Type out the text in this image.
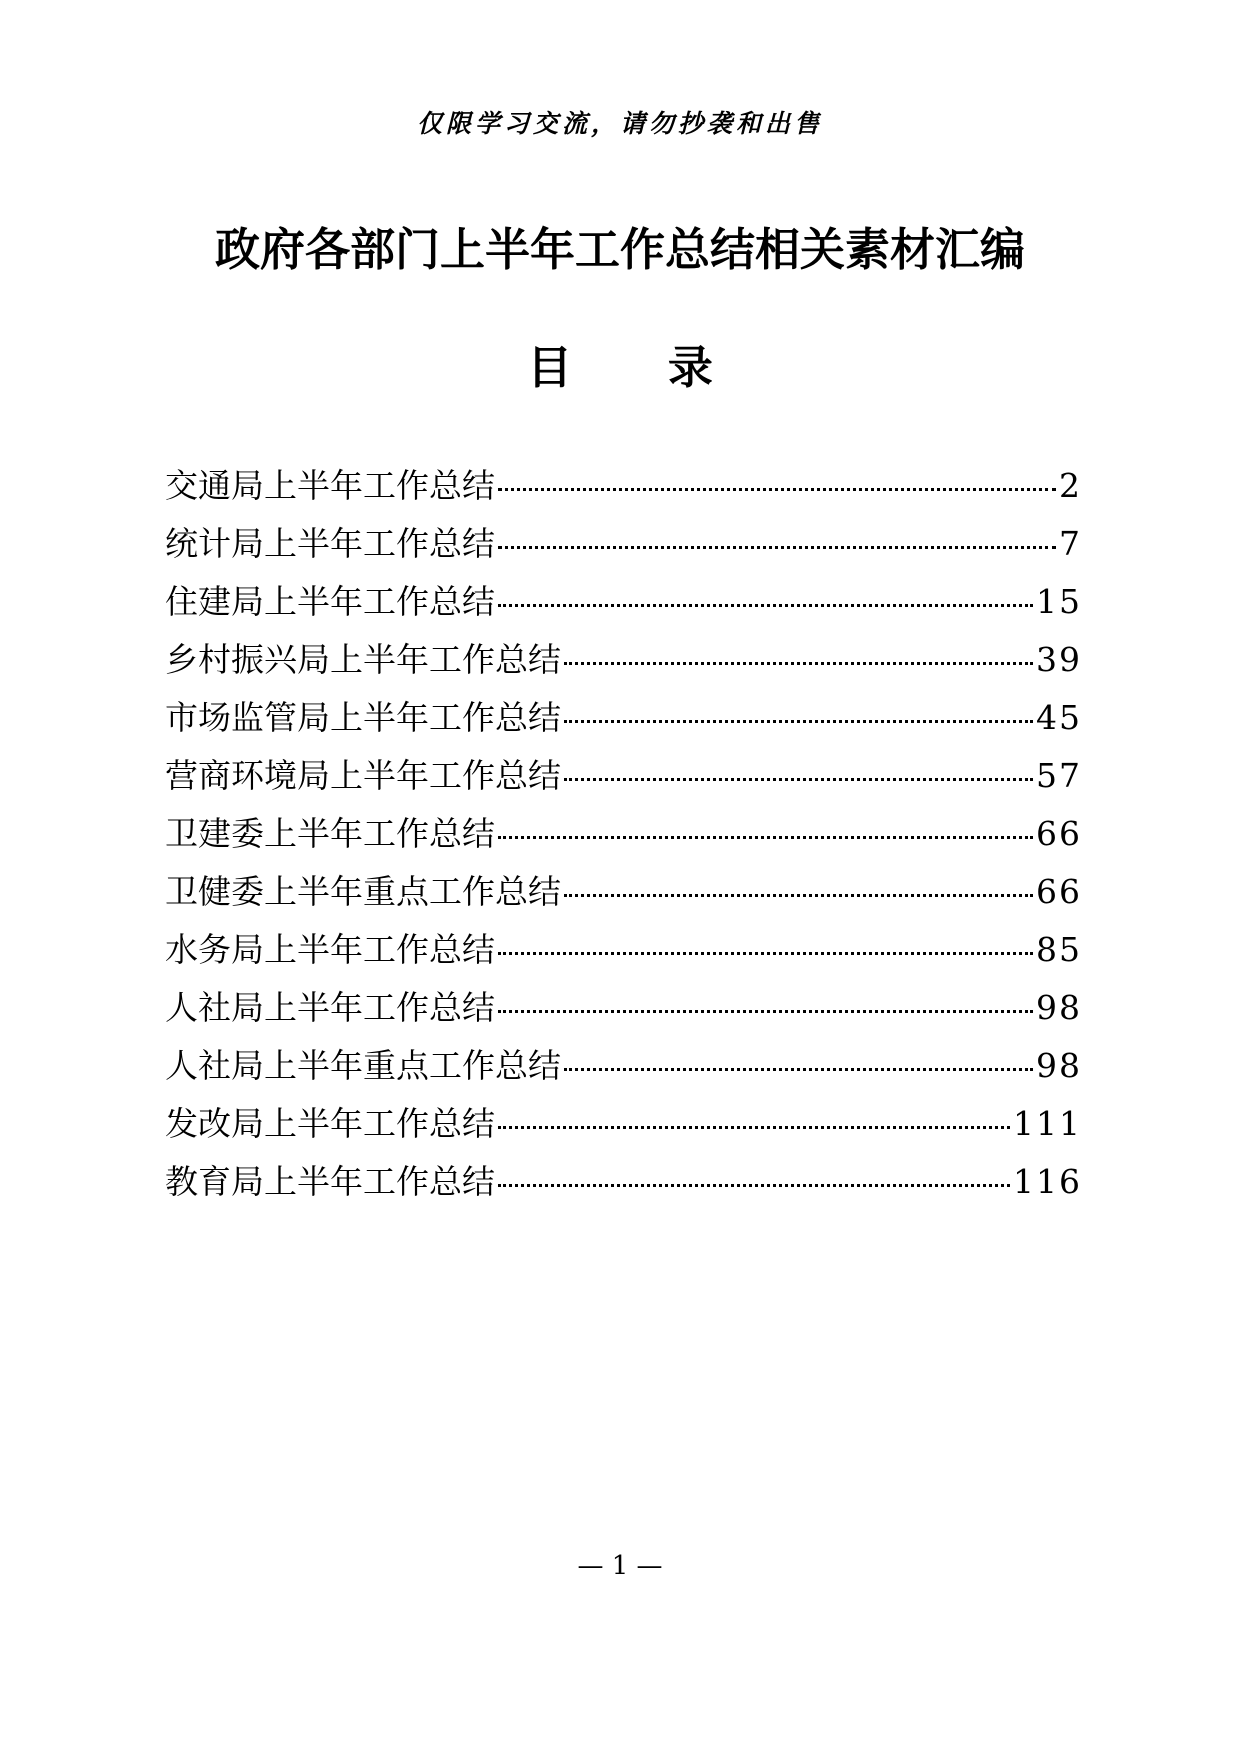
仅限学习交流，请勿抄袭和出售
政府各部门上半年工作总结相关素材汇编
目 录
交通局上半年工作总结	2
统计局上半年工作总结	7
住建局上半年工作总结	15
乡村振兴局上半年工作总结	39
市场监管局上半年工作总结	45
营商环境局上半年工作总结	57
卫建委上半年工作总结	66
卫健委上半年重点工作总结	66
水务局上半年工作总结	85
人社局上半年工作总结	98
人社局上半年重点工作总结	98
发改局上半年工作总结	111
教育局上半年工作总结	116
— 1 —
